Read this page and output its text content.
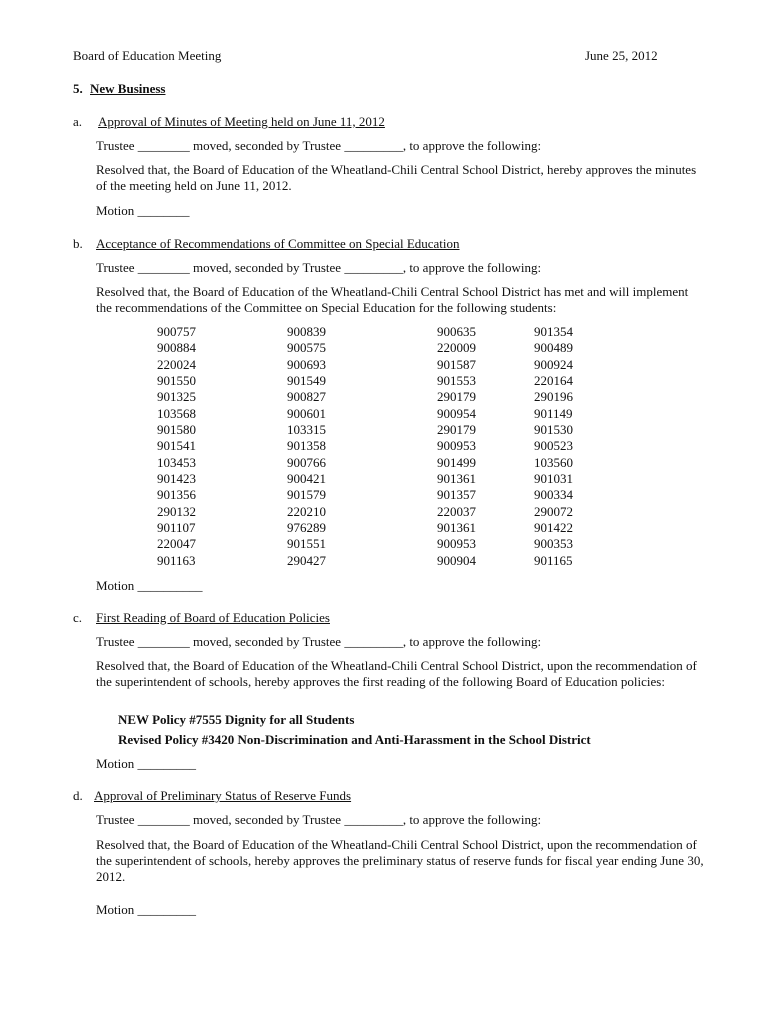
Board of Education Meeting	June 25, 2012
5. New Business
a. Approval of Minutes of Meeting held on June 11, 2012
Trustee ________ moved, seconded by Trustee _________, to approve the following:
Resolved that, the Board of Education of the Wheatland-Chili Central School District, hereby approves the minutes of the meeting held on June 11, 2012.
Motion ________
b. Acceptance of Recommendations of Committee on Special Education
Trustee ________ moved, seconded by Trustee _________, to approve the following:
Resolved that, the Board of Education of the Wheatland-Chili Central School District has met and will implement the recommendations of the Committee on Special Education for the following students:
900757
900884
220024
901550
901325
103568
901580
901541
103453
901423
901356
290132
901107
220047
901163
900839
900575
900693
901549
900827
900601
103315
901358
900766
900421
901579
220210
976289
901551
290427
900635
220009
901587
901553
290179
900954
290179
900953
901499
901361
901357
220037
901361
900953
900904
901354
900489
900924
220164
290196
901149
901530
900523
103560
901031
900334
290072
901422
900353
901165
Motion __________
c. First Reading of Board of Education Policies
Trustee ________ moved, seconded by Trustee _________, to approve the following:
Resolved that, the Board of Education of the Wheatland-Chili Central School District, upon the recommendation of the superintendent of schools, hereby approves the first reading of the following Board of Education policies:
NEW Policy #7555 Dignity for all Students
Revised Policy #3420 Non-Discrimination and Anti-Harassment in the School District
Motion _________
d. Approval of Preliminary Status of Reserve Funds
Trustee ________ moved, seconded by Trustee _________, to approve the following:
Resolved that, the Board of Education of the Wheatland-Chili Central School District, upon the recommendation of the superintendent of schools, hereby approves the preliminary status of reserve funds for fiscal year ending June 30, 2012.
Motion _________
